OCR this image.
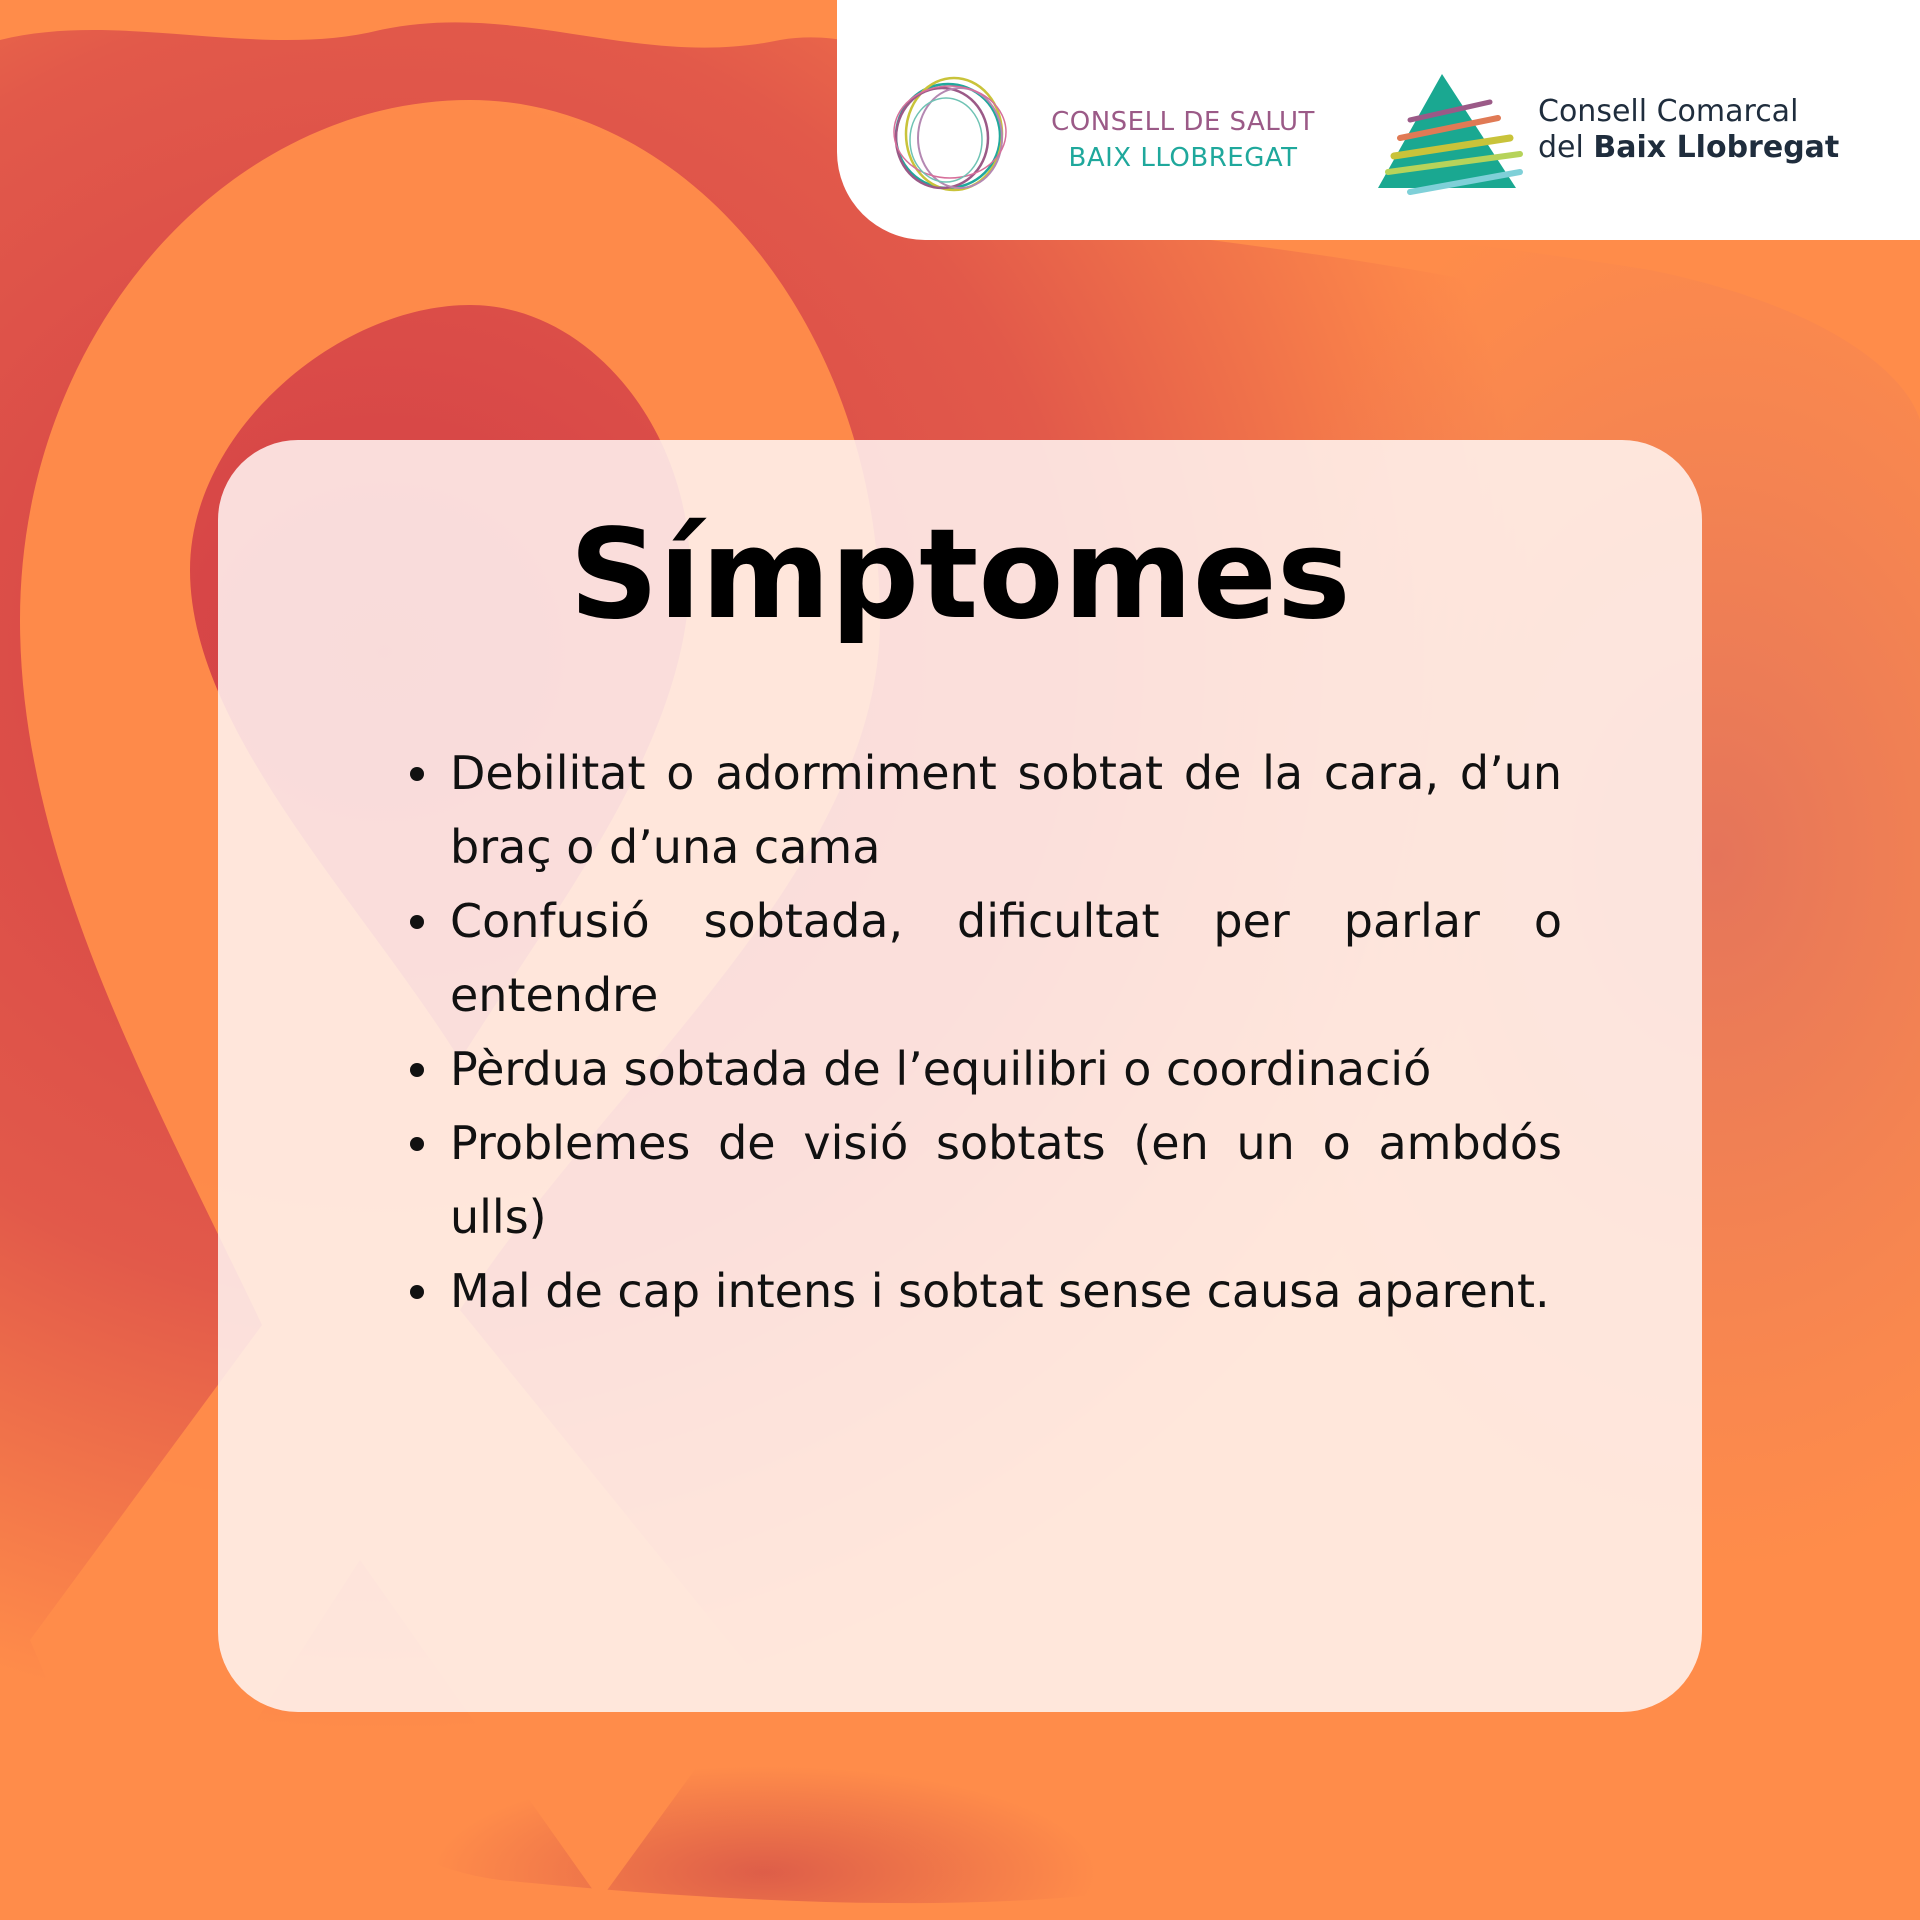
CONSELL DE SALUT
BAIX LLOBREGAT
Consell Comarcal
del Baix Llobregat
Símptomes
Debilitat o adormiment sobtat de la cara, d’un braç o d’una cama
Confusió sobtada, dificultat per parlar o entendre
Pèrdua sobtada de l’equilibri o coordinació
Problemes de visió sobtats (en un o ambdós ulls)
Mal de cap intens i sobtat sense causa aparent.
